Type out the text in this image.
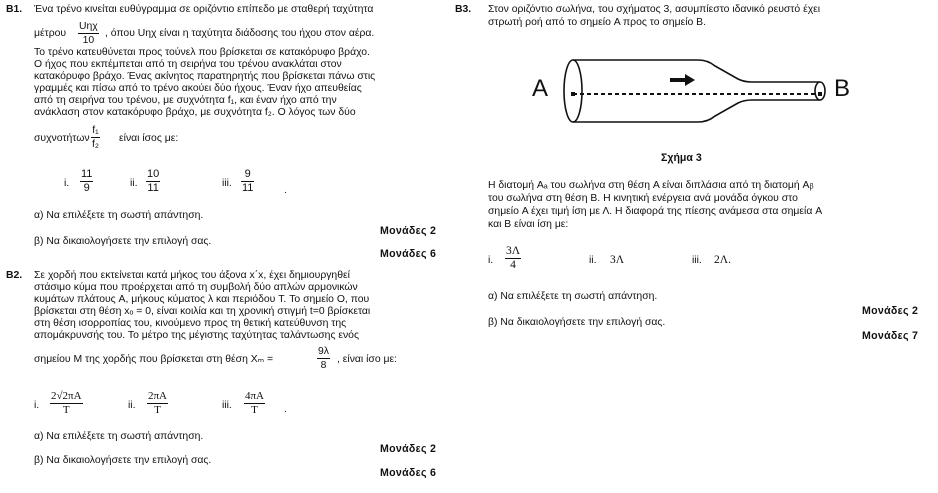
B1. Ένα τρένο κινείται ευθύγραμμα σε οριζόντιο επίπεδο με σταθερή ταχύτητα
μέτρου
Uηχ
10
, όπου Uηχ είναι η ταχύτητα διάδοσης του ήχου στον αέρα.
Το τρένο κατευθύνεται προς τούνελ που βρίσκεται σε κατακόρυφο βράχο.
Ο ήχος που εκπέμπεται από τη σειρήνα του τρένου ανακλάται στον
κατακόρυφο βράχο. Ένας ακίνητος παρατηρητής που βρίσκεται πάνω στις
γραμμές και πίσω από το τρένο ακούει δύο ήχους. Έναν ήχο απευθείας
από τη σειρήνα του τρένου, με συχνότητα f₁, και έναν ήχο από την
ανάκλαση στον κατακόρυφο βράχο, με συχνότητα f₂. Ο λόγος των δύο
συχνοτήτων $\frac{\text{f₁}}{\text{f₂}}$ είναι ίσος με:
i. $\frac{11}{9}$	ii. $\frac{10}{11}$	iii. $\frac{9}{11}$	.
α) Να επιλέξετε τη σωστή απάντηση.
Μονάδες 2
β) Να δικαιολογήσετε την επιλογή σας.
Μονάδες 6
B2. Σε χορδή που εκτείνεται κατά μήκος του άξονα x΄x, έχει δημιουργηθεί
στάσιμο κύμα που προέρχεται από τη συμβολή δύο απλών αρμονικών
κυμάτων πλάτους A, μήκους κύματος λ και περιόδου T. Το σημείο O, που
βρίσκεται στη θέση xₒ = 0, είναι κοιλία και τη χρονική στιγμή t=0 βρίσκεται
στη θέση ισορροπίας του, κινούμενο προς τη θετική κατεύθυνση της
απομάκρυνσής του. Το μέτρο της μέγιστης ταχύτητας ταλάντωσης ενός
σημείου M της χορδής που βρίσκεται στη θέση Xₘ =	$\frac{9\lambda}{8}$ , είναι ίσο με:
i. $\frac{2√2\pi A}{T}$	ii. $\frac{2\pi A}{T}$	iii. $\frac{4\pi A}{T}$ .
α) Να επιλέξετε τη σωστή απάντηση.
Μονάδες 2
β) Να δικαιολογήσετε την επιλογή σας.
Μονάδες 6
B3. Στον οριζόντιο σωλήνα, του σχήματος 3, ασυμπίεστο ιδανικό ρευστό έχει
στρωτή ροή από το σημείο A προς το σημείο B.
A	B
Σχήμα 3
Η διατομή Aₐ του σωλήνα στη θέση A είναι διπλάσια από τη διατομή Aᵦ
του σωλήνα στη θέση B. Η κινητική ενέργεια ανά μονάδα όγκου στο
σημείο A έχει τιμή ίση με Λ. Η διαφορά της πίεσης ανάμεσα στα σημεία A
και B είναι ίση με:
i. $\frac{3\Lambda}{4}$	ii. 3Λ	iii. 2Λ.
α) Να επιλέξετε τη σωστή απάντηση.
Μονάδες 2
β) Να δικαιολογήσετε την επιλογή σας.
Μονάδες 7
